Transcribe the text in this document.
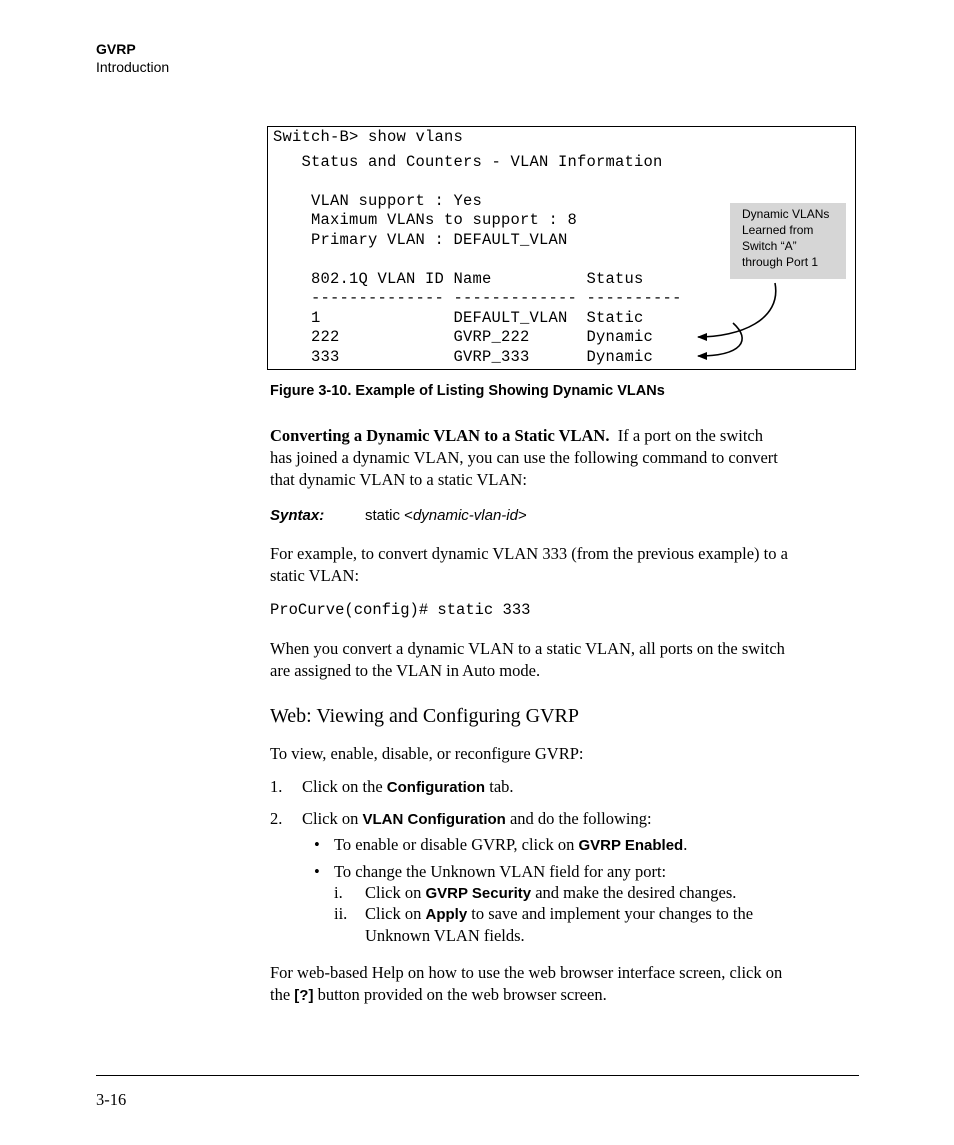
GVRP
Introduction
Switch-B> show vlans
Status and Counters - VLAN Information
VLAN support : Yes
Maximum VLANs to support : 8
Primary VLAN : DEFAULT_VLAN
802.1Q VLAN ID Name          Status
-------------- ------------- ----------
1              DEFAULT_VLAN  Static
222            GVRP_222      Dynamic
333            GVRP_333      Dynamic
Dynamic VLANs
Learned from
Switch “A”
through Port 1
Figure 3-10. Example of Listing Showing Dynamic VLANs
Converting a Dynamic VLAN to a Static VLAN. If a port on the switch
has joined a dynamic VLAN, you can use the following command to convert
that dynamic VLAN to a static VLAN:
Syntax:	static <dynamic-vlan-id>
For example, to convert dynamic VLAN 333 (from the previous example) to a
static VLAN:
ProCurve(config)# static 333
When you convert a dynamic VLAN to a static VLAN, all ports on the switch
are assigned to the VLAN in Auto mode.
Web: Viewing and Configuring GVRP
To view, enable, disable, or reconfigure GVRP:
1. Click on the Configuration tab.
2. Click on VLAN Configuration and do the following:
• To enable or disable GVRP, click on GVRP Enabled.
• To change the Unknown VLAN field for any port:
i. Click on GVRP Security and make the desired changes.
ii. Click on Apply to save and implement your changes to the
Unknown VLAN fields.
For web-based Help on how to use the web browser interface screen, click on
the [?] button provided on the web browser screen.
3-16
